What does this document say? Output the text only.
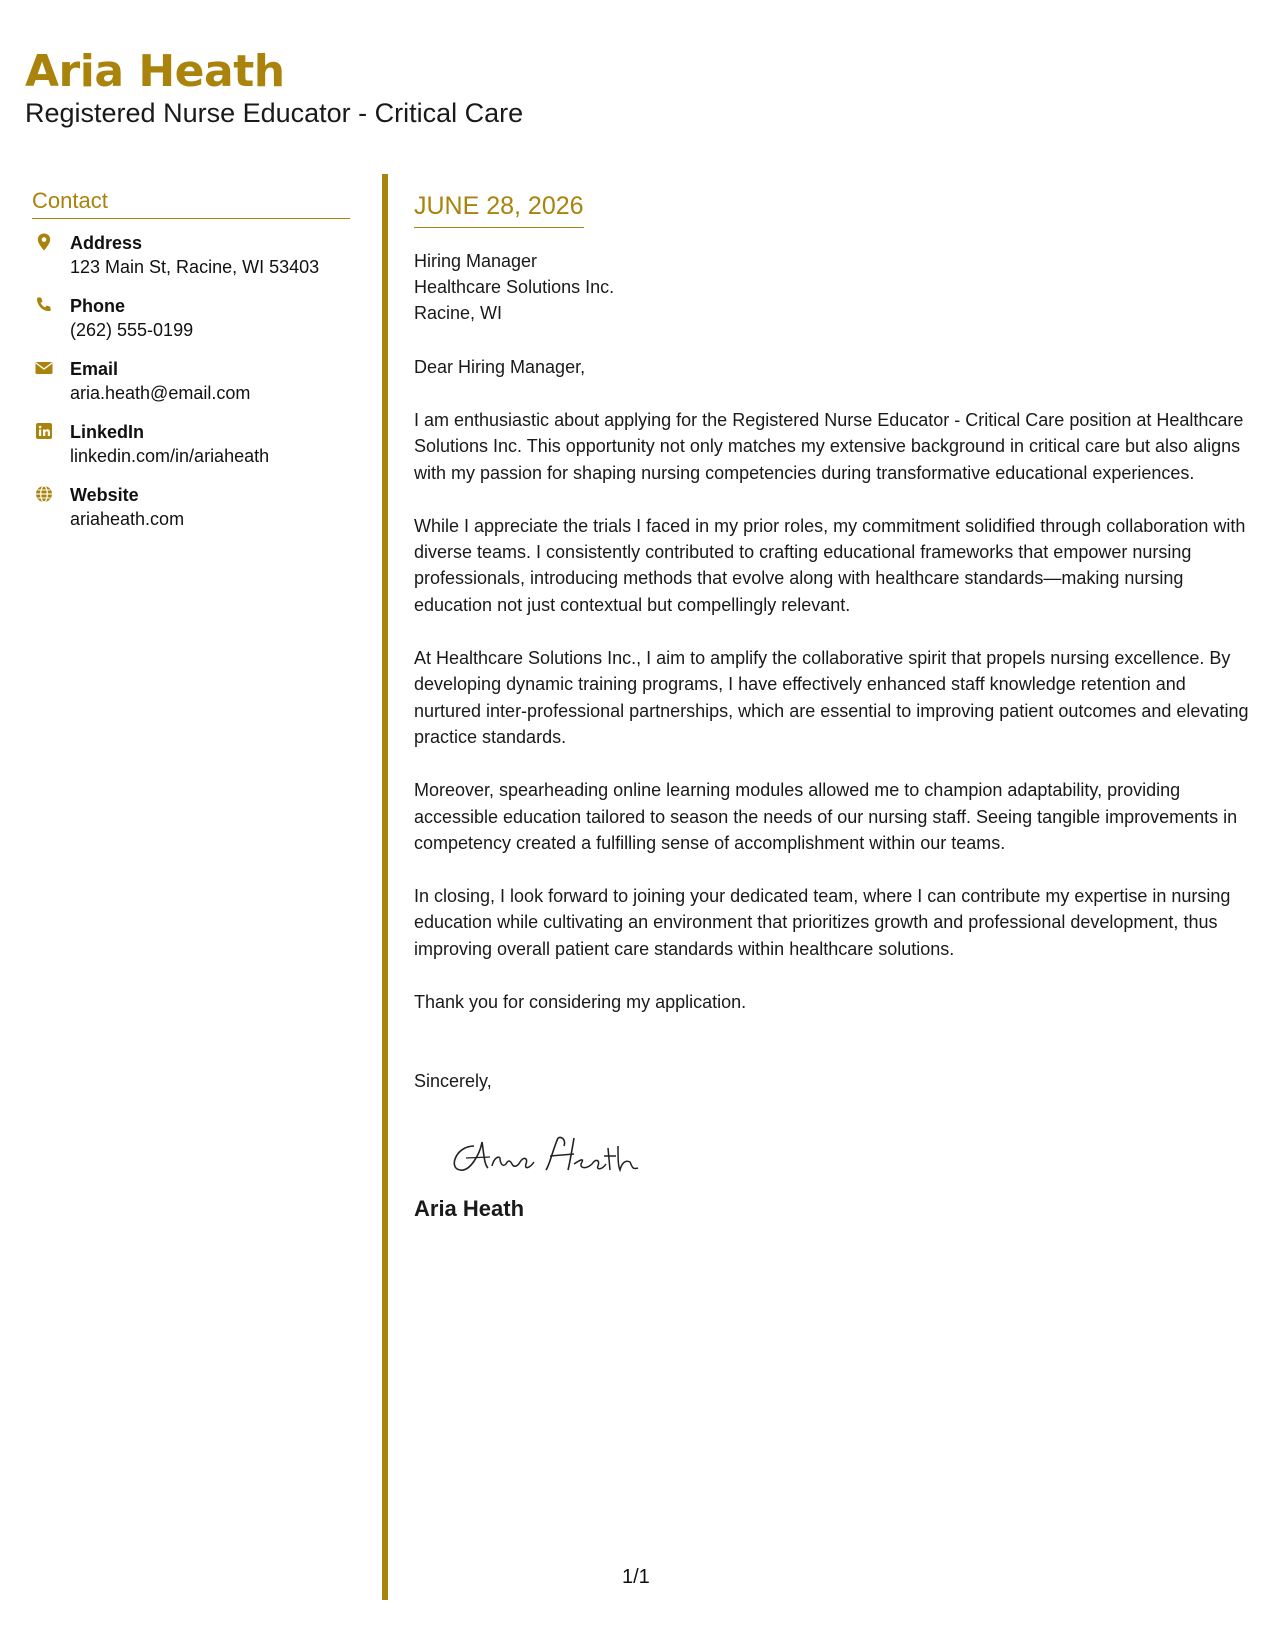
Aria Heath
Registered Nurse Educator - Critical Care
Contact
Address
123 Main St, Racine, WI 53403
Phone
(262) 555-0199
Email
aria.heath@email.com
LinkedIn
linkedin.com/in/ariaheath
Website
ariaheath.com
JUNE 28, 2026
Hiring Manager
Healthcare Solutions Inc.
Racine, WI
Dear Hiring Manager,
I am enthusiastic about applying for the Registered Nurse Educator - Critical Care position at Healthcare Solutions Inc. This opportunity not only matches my extensive background in critical care but also aligns with my passion for shaping nursing competencies during transformative educational experiences.
While I appreciate the trials I faced in my prior roles, my commitment solidified through collaboration with diverse teams. I consistently contributed to crafting educational frameworks that empower nursing professionals, introducing methods that evolve along with healthcare standards—making nursing education not just contextual but compellingly relevant.
At Healthcare Solutions Inc., I aim to amplify the collaborative spirit that propels nursing excellence. By developing dynamic training programs, I have effectively enhanced staff knowledge retention and nurtured inter-professional partnerships, which are essential to improving patient outcomes and elevating practice standards.
Moreover, spearheading online learning modules allowed me to champion adaptability, providing accessible education tailored to season the needs of our nursing staff. Seeing tangible improvements in competency created a fulfilling sense of accomplishment within our teams.
In closing, I look forward to joining your dedicated team, where I can contribute my expertise in nursing education while cultivating an environment that prioritizes growth and professional development, thus improving overall patient care standards within healthcare solutions.
Thank you for considering my application.
Sincerely,
Aria Heath
1/1
